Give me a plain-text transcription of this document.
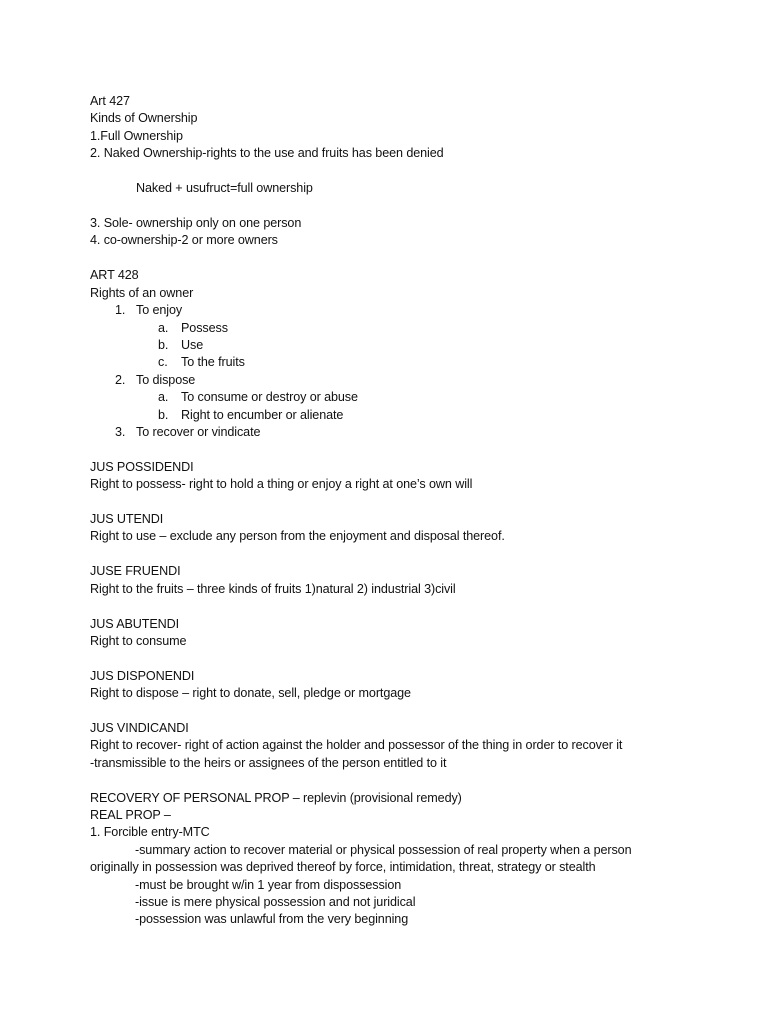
Art 427
Kinds of Ownership
1.Full Ownership
2. Naked Ownership-rights to the use and fruits has been denied
Naked + usufruct=full ownership
3. Sole- ownership only on one person
4. co-ownership-2 or more owners
ART 428
Rights of an owner
1. To enjoy
a. Possess
b. Use
c. To the fruits
2. To dispose
a. To consume or destroy or abuse
b. Right to encumber or alienate
3. To recover or vindicate
JUS POSSIDENDI
Right to possess- right to hold a thing or enjoy a right at one’s own will
JUS UTENDI
Right to use – exclude any person from the enjoyment and disposal thereof.
JUSE FRUENDI
Right to the fruits – three kinds of fruits 1)natural 2) industrial 3)civil
JUS ABUTENDI
Right to consume
JUS DISPONENDI
Right to dispose – right to donate, sell, pledge or mortgage
JUS VINDICANDI
Right to recover- right of action against the holder and possessor of the thing in order to recover it
-transmissible to the heirs or assignees of the person entitled to it
RECOVERY OF PERSONAL PROP – replevin (provisional remedy)
REAL PROP –
1. Forcible entry-MTC
-summary action to recover material or physical possession of real property when a person
originally in possession was deprived thereof by force, intimidation, threat, strategy or stealth
-must be brought w/in 1 year from dispossession
-issue is mere physical possession and not juridical
-possession was unlawful from the very beginning
